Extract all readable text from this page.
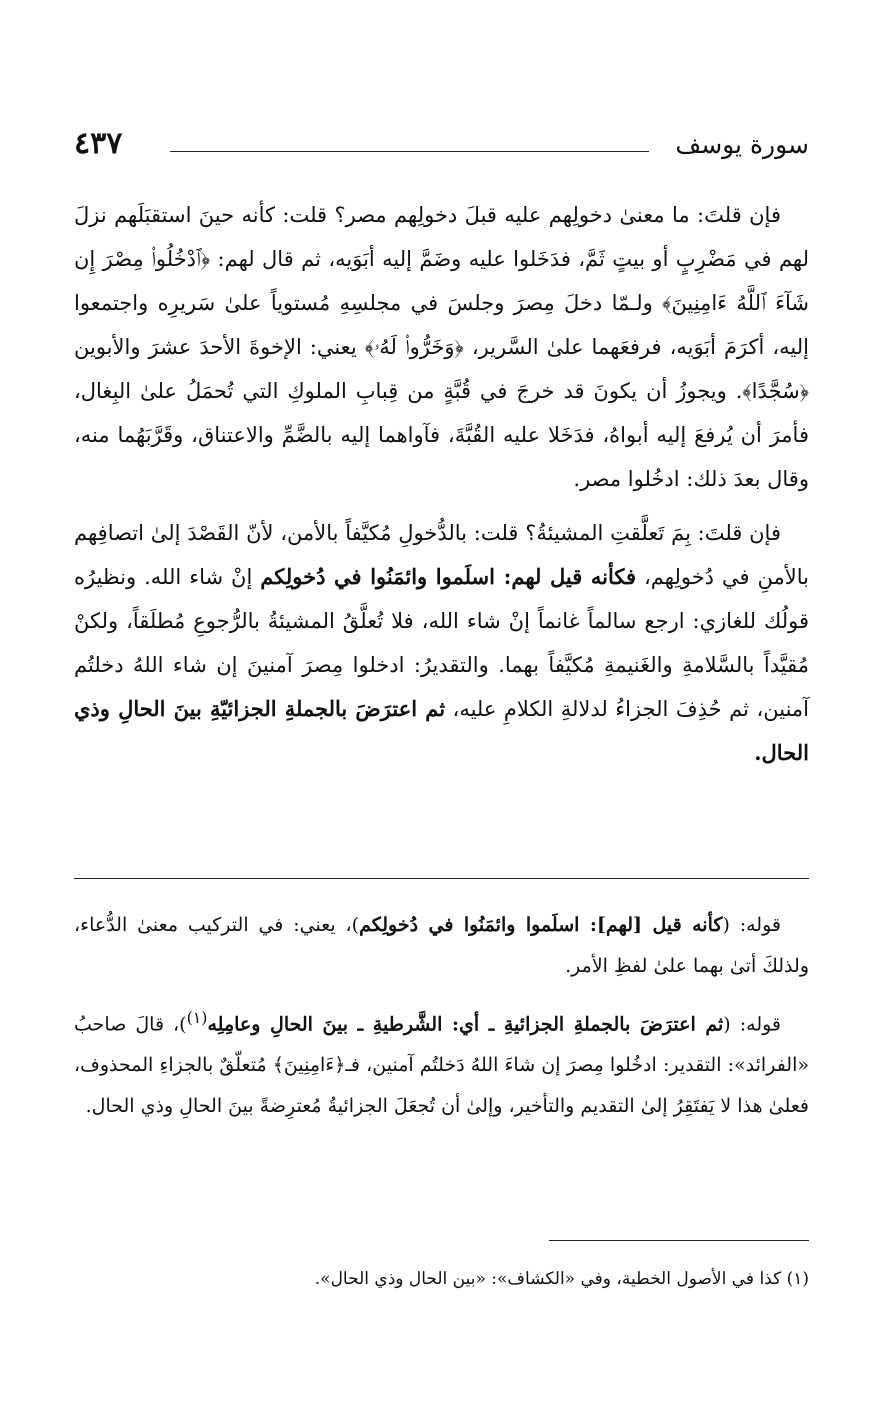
سورة يوسف
٤٣٧

فإن قلتَ: ما معنىٰ دخولِهم عليه قبلَ دخولِهم مصر؟ قلت: كأنه حينَ استقبَلَهم نزلَ لهم في مَضْرِبٍ أو بيتٍ ثَمَّ، فدَخَلوا عليه وضَمَّ إليه أبَوَيه، ثم قال لهم: ﴿ٱدْخُلُوا۟ مِصْرَ إِن شَآءَ ٱللَّهُ ءَامِنِينَ﴾ ولـمّا دخلَ مِصرَ وجلسَ في مجلسِهِ مُستوياً علىٰ سَريرِه واجتمعوا إليه، أكرَمَ أبَوَيه، فرفعَهما علىٰ السَّرير، ﴿وَخَرُّوا۟ لَهُۥ﴾ يعني: الإخوةَ الأحدَ عشرَ والأبوين ﴿سُجَّدًا﴾. ويجوزُ أن يكونَ قد خرجَ في قُبَّةٍ من قِبابِ الملوكِ التي تُحمَلُ علىٰ البِغال، فأمرَ أن يُرفعَ إليه أبواهُ، فدَخَلا عليه القُبَّةَ، فآواهما إليه بالضَّمِّ والاعتناق، وقَرَّبَهُما منه، وقال بعدَ ذلك: ادخُلوا مصر.

فإن قلتَ: بِمَ تَعلَّقتِ المشيئةُ؟ قلت: بالدُّخولِ مُكيَّفاً بالأمن، لأنّ القَصْدَ إلىٰ اتصافِهم بالأمنِ في دُخولِهم، فكأنه قيل لهم: اسلَموا وائمَنُوا في دُخولِكم إنْ شاء الله. ونظيرُه قولُك للغازي: ارجع سالماً غانماً إنْ شاء الله، فلا تُعلَّقُ المشيئةُ بالرُّجوعِ مُطلَقاً، ولكنْ مُقيَّداً بالسَّلامةِ والغَنيمةِ مُكيَّفاً بهما. والتقديرُ: ادخلوا مِصرَ آمنينَ إن شاء اللهُ دخلتُم آمنين، ثم حُذِفَ الجزاءُ لدلالةِ الكلامِ عليه، ثم اعترَضَ بالجملةِ الجزائيّةِ بينَ الحالِ وذي الحال.

قوله: (كأنه قيل [لهم]: اسلَموا وائمَنُوا في دُخولِكم)، يعني: في التركيب معنىٰ الدُّعاء، ولذلكَ أتىٰ بهما علىٰ لفظِ الأمر.

قوله: (ثم اعترَضَ بالجملةِ الجزائيةِ ـ أي: الشَّرطيةِ ـ بينَ الحالِ وعامِلِه$^{(١)}$)، قالَ صاحبُ «الفرائد»: التقدير: ادخُلوا مِصرَ إن شاءَ اللهُ دَخلتُم آمنين، فـ﴿ءَامِنِينَ﴾ مُتعلّقٌ بالجزاءِ المحذوف، فعلىٰ هذا لا يَفتَقِرُ إلىٰ التقديم والتأخير، وإلىٰ أن تُجعَلَ الجزائيةُ مُعترِضةً بينَ الحالِ وذي الحال.

(١) كذا في الأصول الخطية، وفي «الكشاف»: «بين الحال وذي الحال».
